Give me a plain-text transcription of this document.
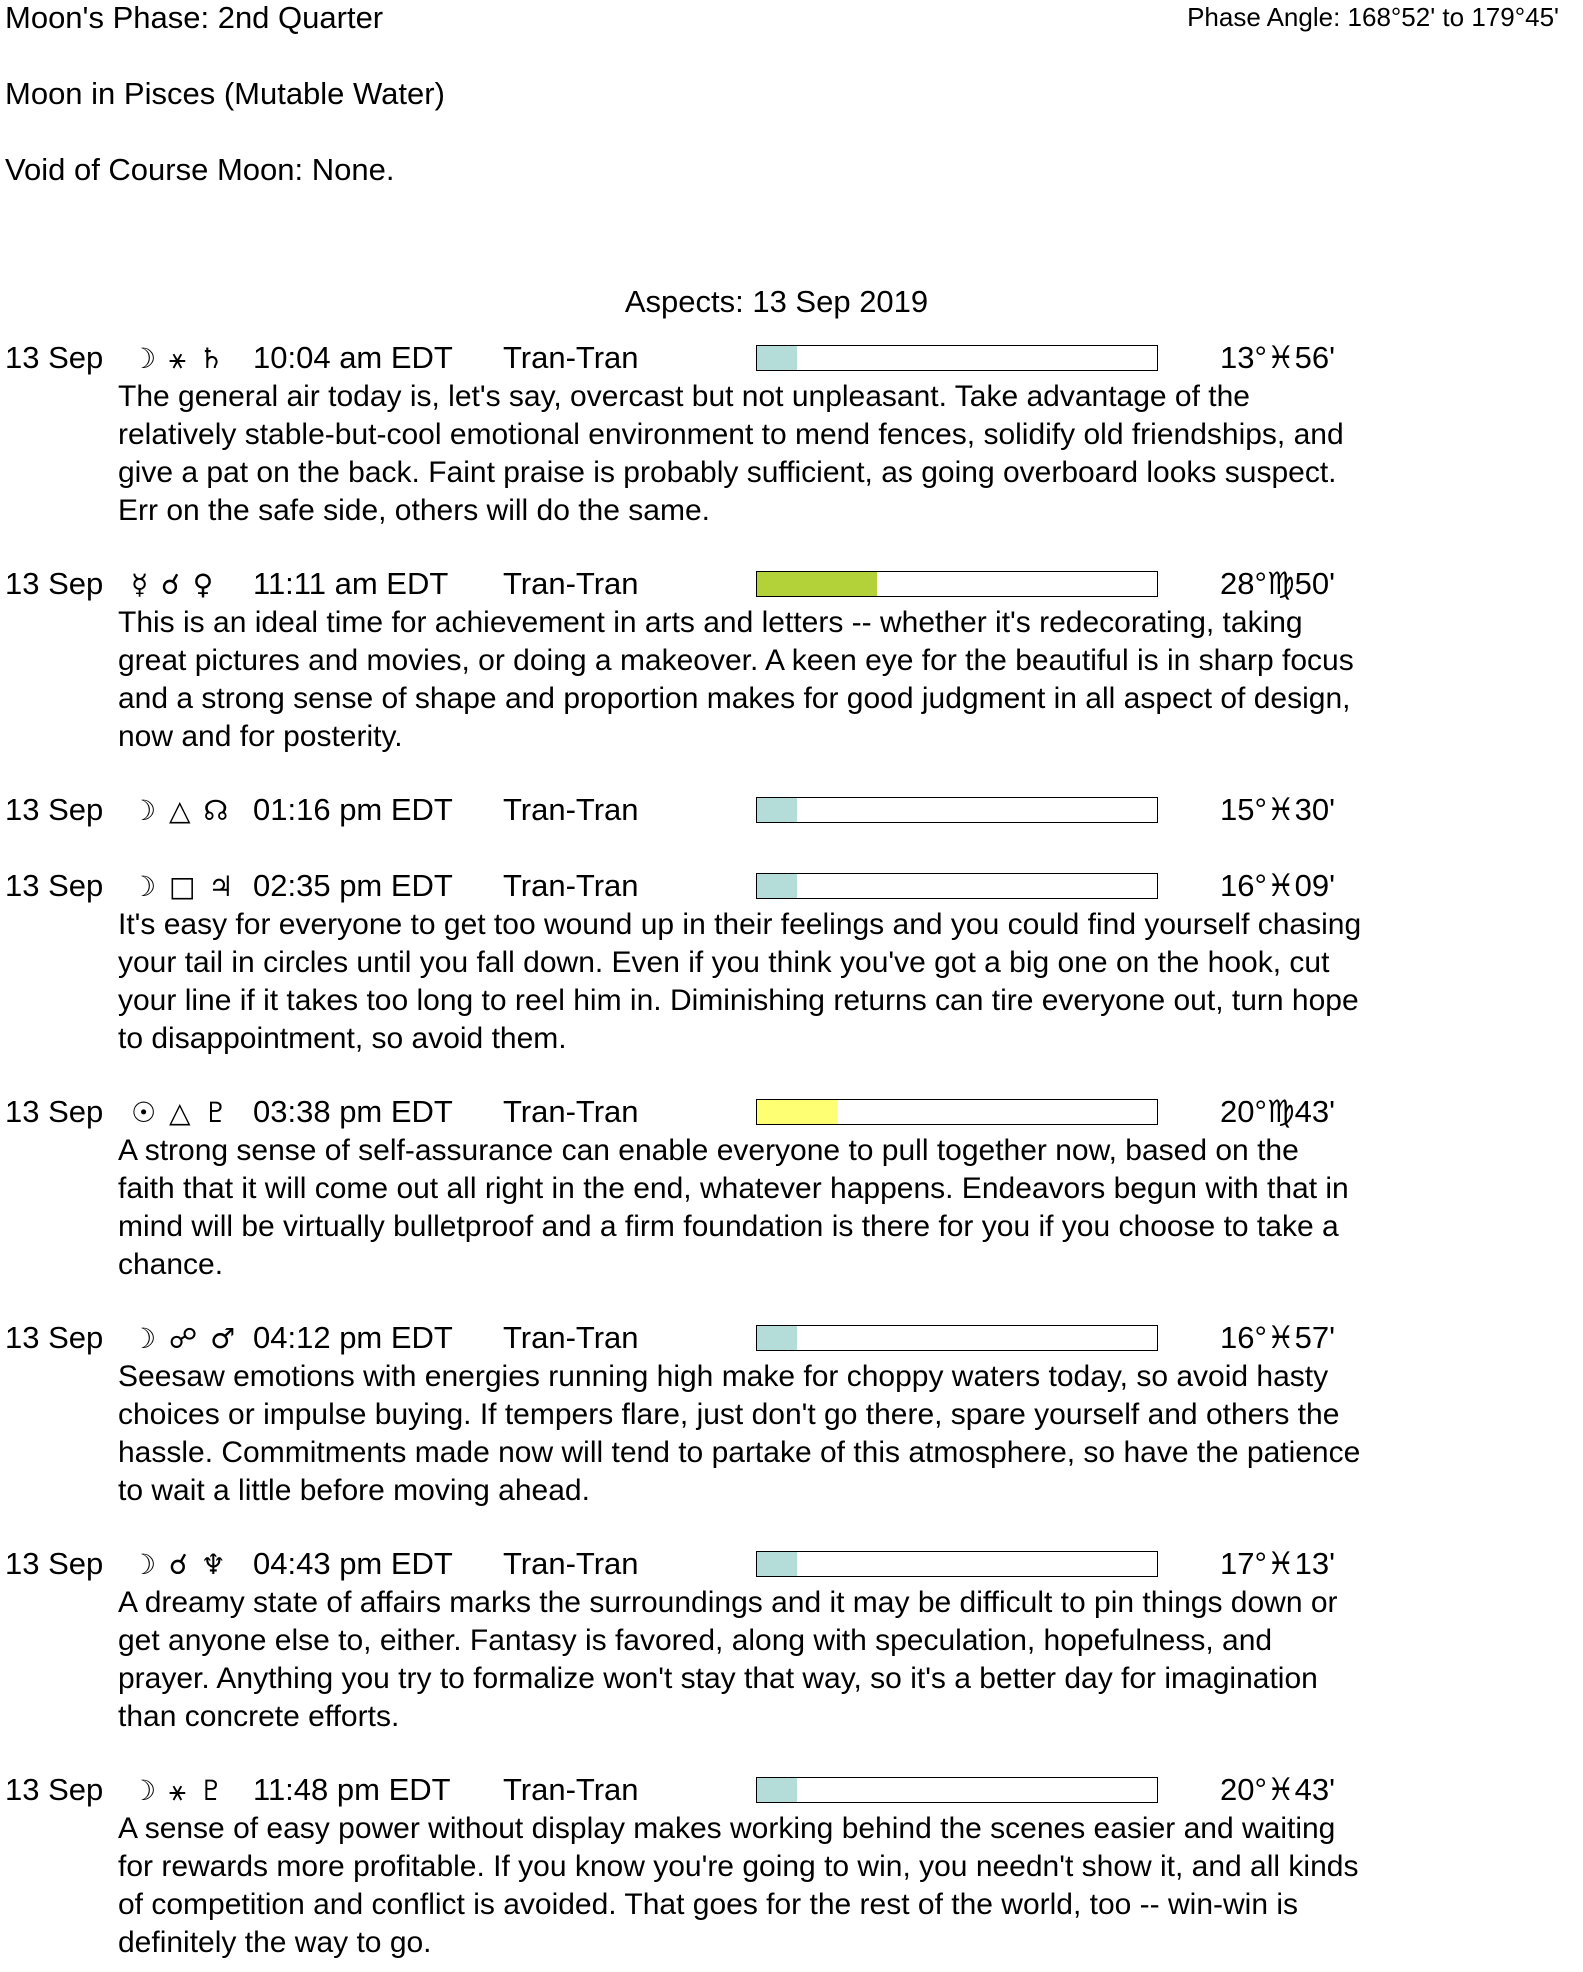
Moon's Phase: 2nd Quarter	Phase Angle: 168°52' to 179°45'
Moon in Pisces (Mutable Water)
Void of Course Moon: None.
Aspects: 13 Sep 2019
13 Sep ☽ ⚹ ♄ 10:04 am EDT Tran-Tran	13°♓56'
The general air today is, let's say, overcast but not unpleasant. Take advantage of the
relatively stable-but-cool emotional environment to mend fences, solidify old friendships, and
give a pat on the back. Faint praise is probably sufficient, as going overboard looks suspect.
Err on the safe side, others will do the same.
13 Sep ☿ ☌ ♀ 11:11 am EDT Tran-Tran	28°♍50'
This is an ideal time for achievement in arts and letters -- whether it's redecorating, taking
great pictures and movies, or doing a makeover. A keen eye for the beautiful is in sharp focus
and a strong sense of shape and proportion makes for good judgment in all aspect of design,
now and for posterity.
13 Sep ☽ △ ☊ 01:16 pm EDT Tran-Tran	15°♓30'
13 Sep ☽ □ ♃ 02:35 pm EDT Tran-Tran	16°♓09'
It's easy for everyone to get too wound up in their feelings and you could find yourself chasing
your tail in circles until you fall down. Even if you think you've got a big one on the hook, cut
your line if it takes too long to reel him in. Diminishing returns can tire everyone out, turn hope
to disappointment, so avoid them.
13 Sep ☉ △ ♇ 03:38 pm EDT Tran-Tran	20°♍43'
A strong sense of self-assurance can enable everyone to pull together now, based on the
faith that it will come out all right in the end, whatever happens. Endeavors begun with that in
mind will be virtually bulletproof and a firm foundation is there for you if you choose to take a
chance.
13 Sep ☽ ☍ ♂ 04:12 pm EDT Tran-Tran	16°♓57'
Seesaw emotions with energies running high make for choppy waters today, so avoid hasty
choices or impulse buying. If tempers flare, just don't go there, spare yourself and others the
hassle. Commitments made now will tend to partake of this atmosphere, so have the patience
to wait a little before moving ahead.
13 Sep ☽ ☌ ♆ 04:43 pm EDT Tran-Tran	17°♓13'
A dreamy state of affairs marks the surroundings and it may be difficult to pin things down or
get anyone else to, either. Fantasy is favored, along with speculation, hopefulness, and
prayer. Anything you try to formalize won't stay that way, so it's a better day for imagination
than concrete efforts.
13 Sep ☽ ⚹ ♇ 11:48 pm EDT Tran-Tran	20°♓43'
A sense of easy power without display makes working behind the scenes easier and waiting
for rewards more profitable. If you know you're going to win, you needn't show it, and all kinds
of competition and conflict is avoided. That goes for the rest of the world, too -- win-win is
definitely the way to go.
